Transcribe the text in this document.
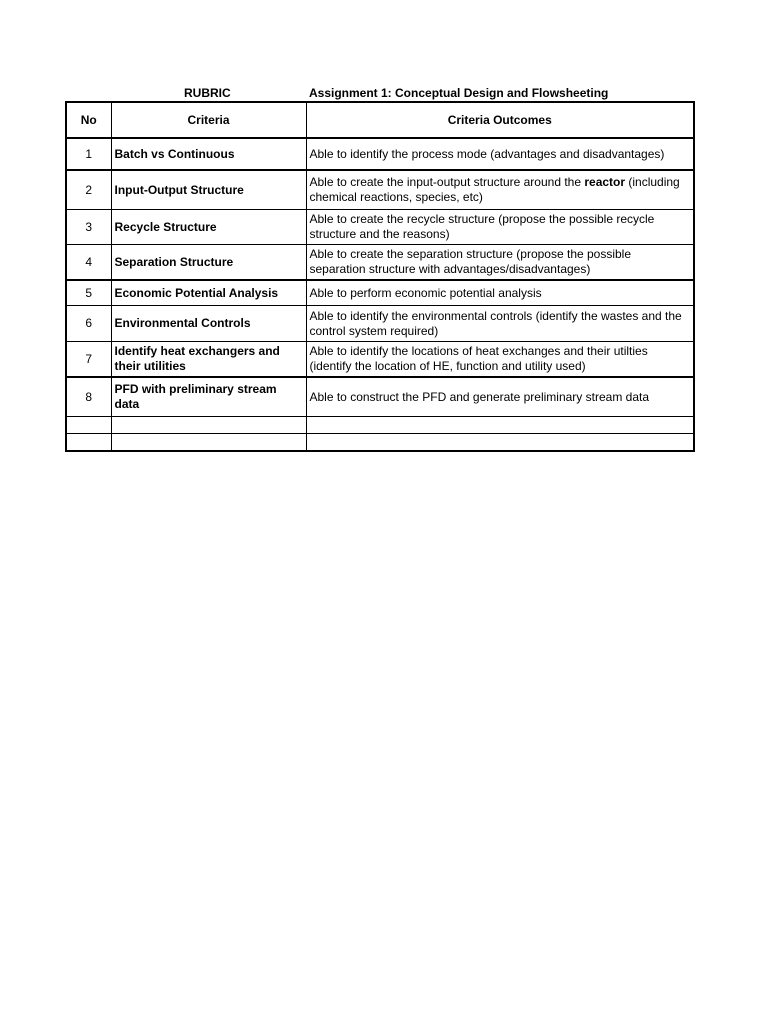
RUBRIC	Assignment 1: Conceptual Design and Flowsheeting
No	Criteria	Criteria Outcomes
1	Batch vs Continuous	Able to identify the process mode (advantages and disadvantages)
2	Input-Output Structure	Able to create the input-output structure around the reactor (including chemical reactions, species, etc)
3	Recycle Structure	Able to create the recycle structure (propose the possible recycle structure and the reasons)
4	Separation Structure	Able to create the separation structure (propose the possible separation structure with advantages/disadvantages)
5	Economic Potential Analysis	Able to perform economic potential analysis
6	Environmental Controls	Able to identify the environmental controls (identify the wastes and the control system required)
7	Identify heat exchangers and their utilities	Able to identify the locations of heat exchanges and their utilties (identify the location of HE, function and utility used)
8	PFD with preliminary stream data	Able to construct the PFD and generate preliminary stream data
